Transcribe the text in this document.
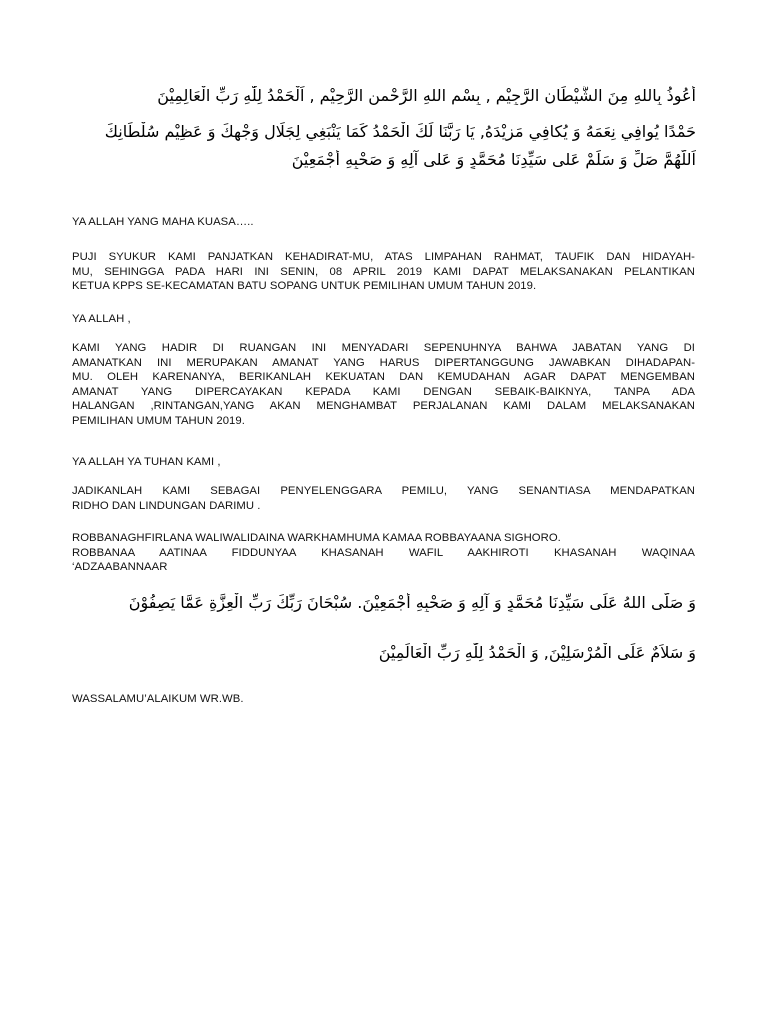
أَعُوذُ بِاللهِ مِنَ الشَّيْطَانِ الرَّجِيْمِ , بِسْمِ اللهِ الرَّحْمنِ الرَّحِيْمِ , اَلْحَمْدُ لِلّٰهِ رَبِّ الْعَالِمِيْنَ
حَمْدًا يُوافِي نِعَمَهُ وَ يُكافِي مَزِيْدَهُ, يَا رَبَّنَا لَكَ الْحَمْدُ كَمَا يَنْبَغِي لِجَلَالِ وَجْهِكَ وَ عَظِيْمِ سُلْطَانِكَ
اَللّهُمَّ صَلِّ وَ سَلِّمْ عَلى سَيِّدِنَا مُحَمَّدٍ وَ عَلى آلِهِ وَ صَحْبِهِ أَجْمَعِيْنَ
YA ALLAH YANG MAHA KUASA…..
PUJI SYUKUR KAMI PANJATKAN KEHADIRAT-MU, ATAS LIMPAHAN RAHMAT, TAUFIK DAN HIDAYAH-
MU, SEHINGGA PADA HARI INI SENIN, 08 APRIL 2019 KAMI DAPAT MELAKSANAKAN PELANTIKAN
KETUA KPPS SE-KECAMATAN BATU SOPANG UNTUK PEMILIHAN UMUM TAHUN 2019.
YA ALLAH ,
KAMI YANG HADIR DI RUANGAN INI MENYADARI SEPENUHNYA BAHWA JABATAN YANG DI
AMANATKAN INI MERUPAKAN AMANAT YANG HARUS DIPERTANGGUNG JAWABKAN DIHADAPAN-
MU. OLEH KARENANYA, BERIKANLAH KEKUATAN DAN KEMUDAHAN AGAR DAPAT MENGEMBAN
AMANAT YANG DIPERCAYAKAN KEPADA KAMI DENGAN SEBAIK-BAIKNYA, TANPA ADA
HALANGAN ,RINTANGAN,YANG AKAN MENGHAMBAT PERJALANAN KAMI DALAM MELAKSANAKAN
PEMILIHAN UMUM TAHUN 2019.
YA ALLAH YA TUHAN KAMI ,
JADIKANLAH KAMI SEBAGAI PENYELENGGARA PEMILU, YANG SENANTIASA MENDAPATKAN
RIDHO DAN LINDUNGAN DARIMU .
ROBBANAGHFIRLANA WALIWALIDAINA WARKHAMHUMA KAMAA ROBBAYAANA SIGHORO.
ROBBANAA AATINAA FIDDUNYAA KHASANAH WAFIL AAKHIROTI KHASANAH WAQINAA
‘ADZAABANNAAR
وَ صَلَّى اللهُ عَلَى سَيِّدِنَا مُحَمَّدٍ وَ آلِهِ وَ صَحْبِهِ أَجْمَعِيْنَ. سُبْحَانَ رَبِّكَ رَبِّ الْعِزَّةِ عَمَّا يَصِفُوْنَ
وَ سَلاَمٌ عَلَى الْمُرْسَلِيْنَ, وَ الْحَمْدُ لِلّٰهِ رَبِّ الْعَالَمِيْنَ
WASSALAMU’ALAIKUM WR.WB.
